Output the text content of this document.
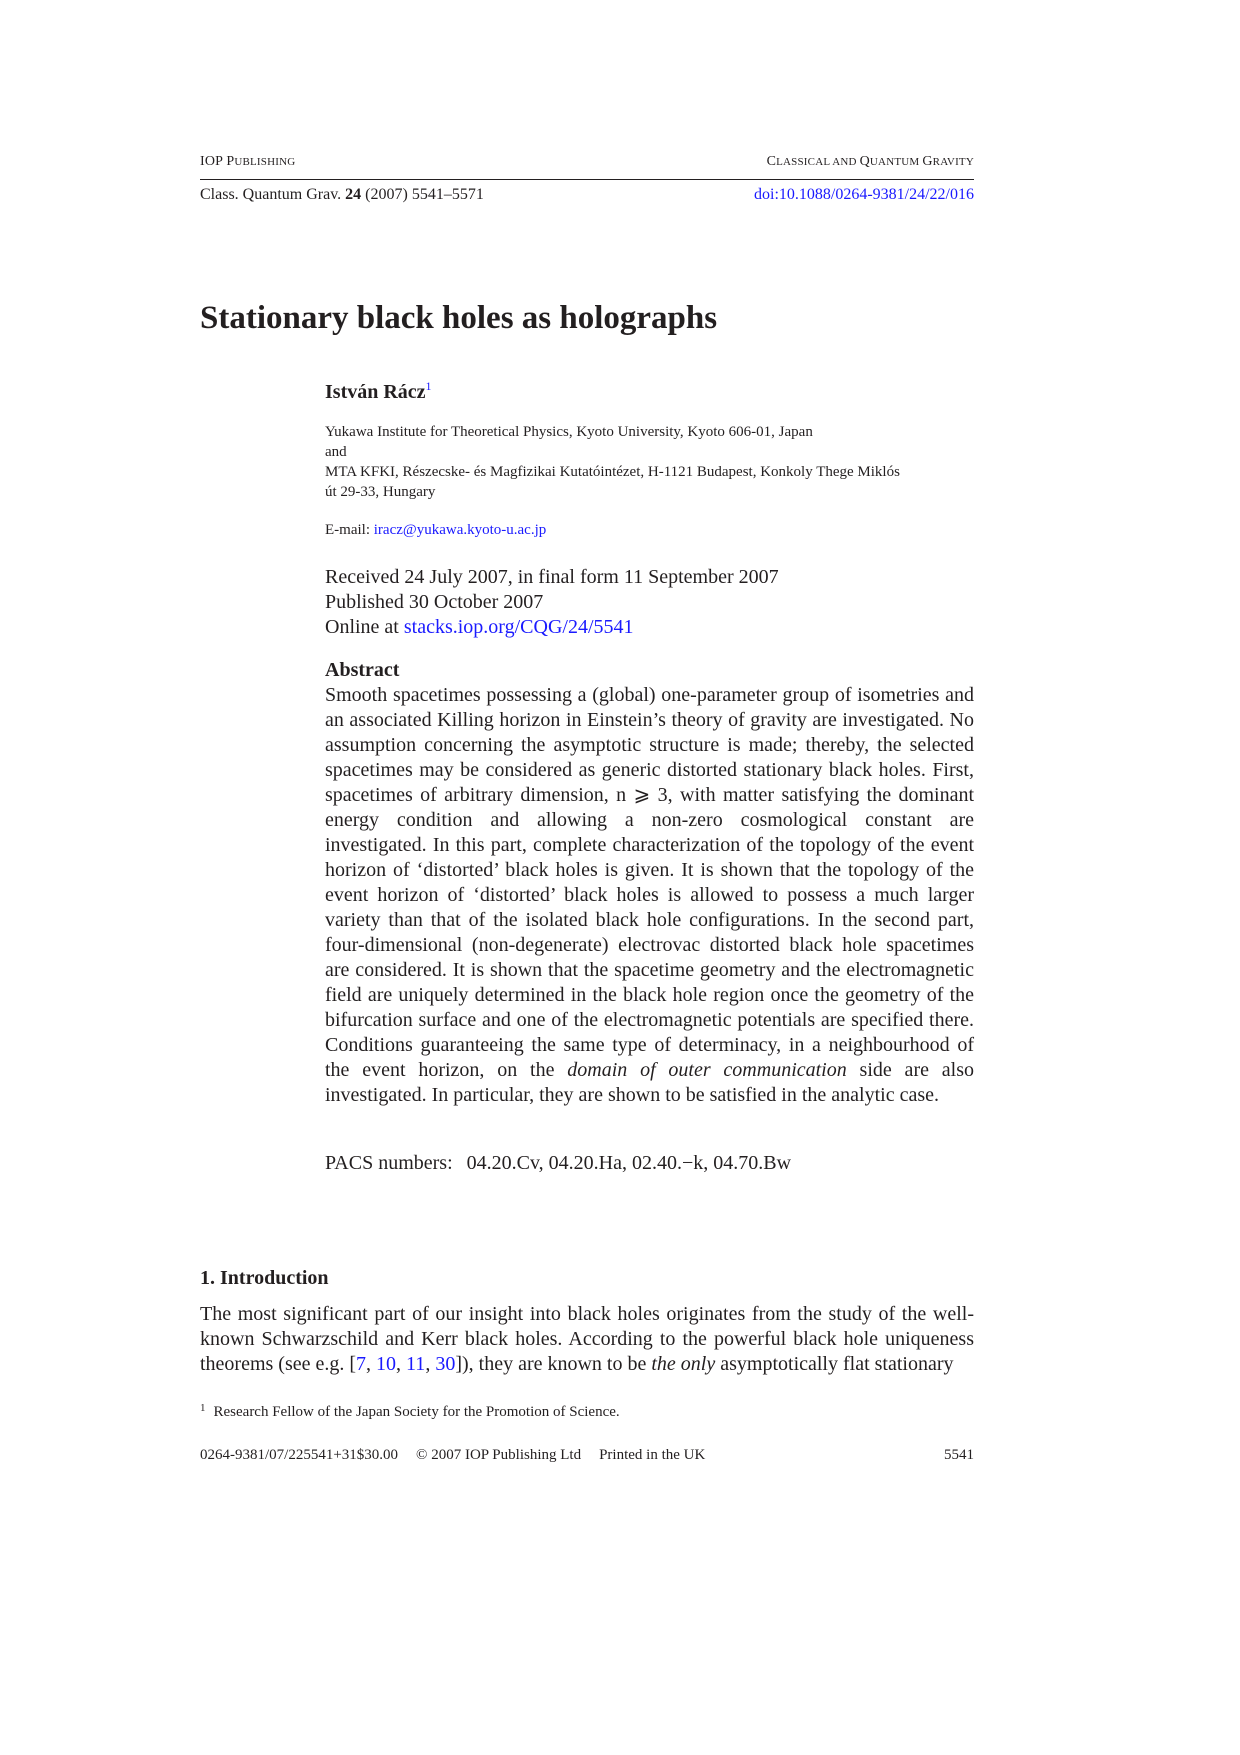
IOP PUBLISHING	CLASSICAL AND QUANTUM GRAVITY
Class. Quantum Grav. 24 (2007) 5541–5571	doi:10.1088/0264-9381/24/22/016
Stationary black holes as holographs
István Rácz$^1$
Yukawa Institute for Theoretical Physics, Kyoto University, Kyoto 606-01, Japan
and
MTA KFKI, Részecske- és Magfizikai Kutatóintézet, H-1121 Budapest, Konkoly Thege Miklós
út 29-33, Hungary
E-mail: iracz@yukawa.kyoto-u.ac.jp
Received 24 July 2007, in final form 11 September 2007
Published 30 October 2007
Online at stacks.iop.org/CQG/24/5541
Abstract
Smooth spacetimes possessing a (global) one-parameter group of isometries and an associated Killing horizon in Einstein’s theory of gravity are investigated. No assumption concerning the asymptotic structure is made; thereby, the selected spacetimes may be considered as generic distorted stationary black holes. First, spacetimes of arbitrary dimension, n ⩾ 3, with matter satisfying the dominant energy condition and allowing a non-zero cosmological constant are investigated. In this part, complete characterization of the topology of the event horizon of ‘distorted’ black holes is given. It is shown that the topology of the event horizon of ‘distorted’ black holes is allowed to possess a much larger variety than that of the isolated black hole configurations. In the second part, four-dimensional (non-degenerate) electrovac distorted black hole spacetimes are considered. It is shown that the spacetime geometry and the electromagnetic field are uniquely determined in the black hole region once the geometry of the bifurcation surface and one of the electromagnetic potentials are specified there. Conditions guaranteeing the same type of determinacy, in a neighbourhood of the event horizon, on the domain of outer communication side are also investigated. In particular, they are shown to be satisfied in the analytic case.
PACS numbers: 04.20.Cv, 04.20.Ha, 02.40.−k, 04.70.Bw
1. Introduction
The most significant part of our insight into black holes originates from the study of the well-known Schwarzschild and Kerr black holes. According to the powerful black hole uniqueness theorems (see e.g. [7, 10, 11, 30]), they are known to be the only asymptotically flat stationary
$^1$ Research Fellow of the Japan Society for the Promotion of Science.
0264-9381/07/225541+31$30.00 © 2007 IOP Publishing Ltd Printed in the UK	5541
